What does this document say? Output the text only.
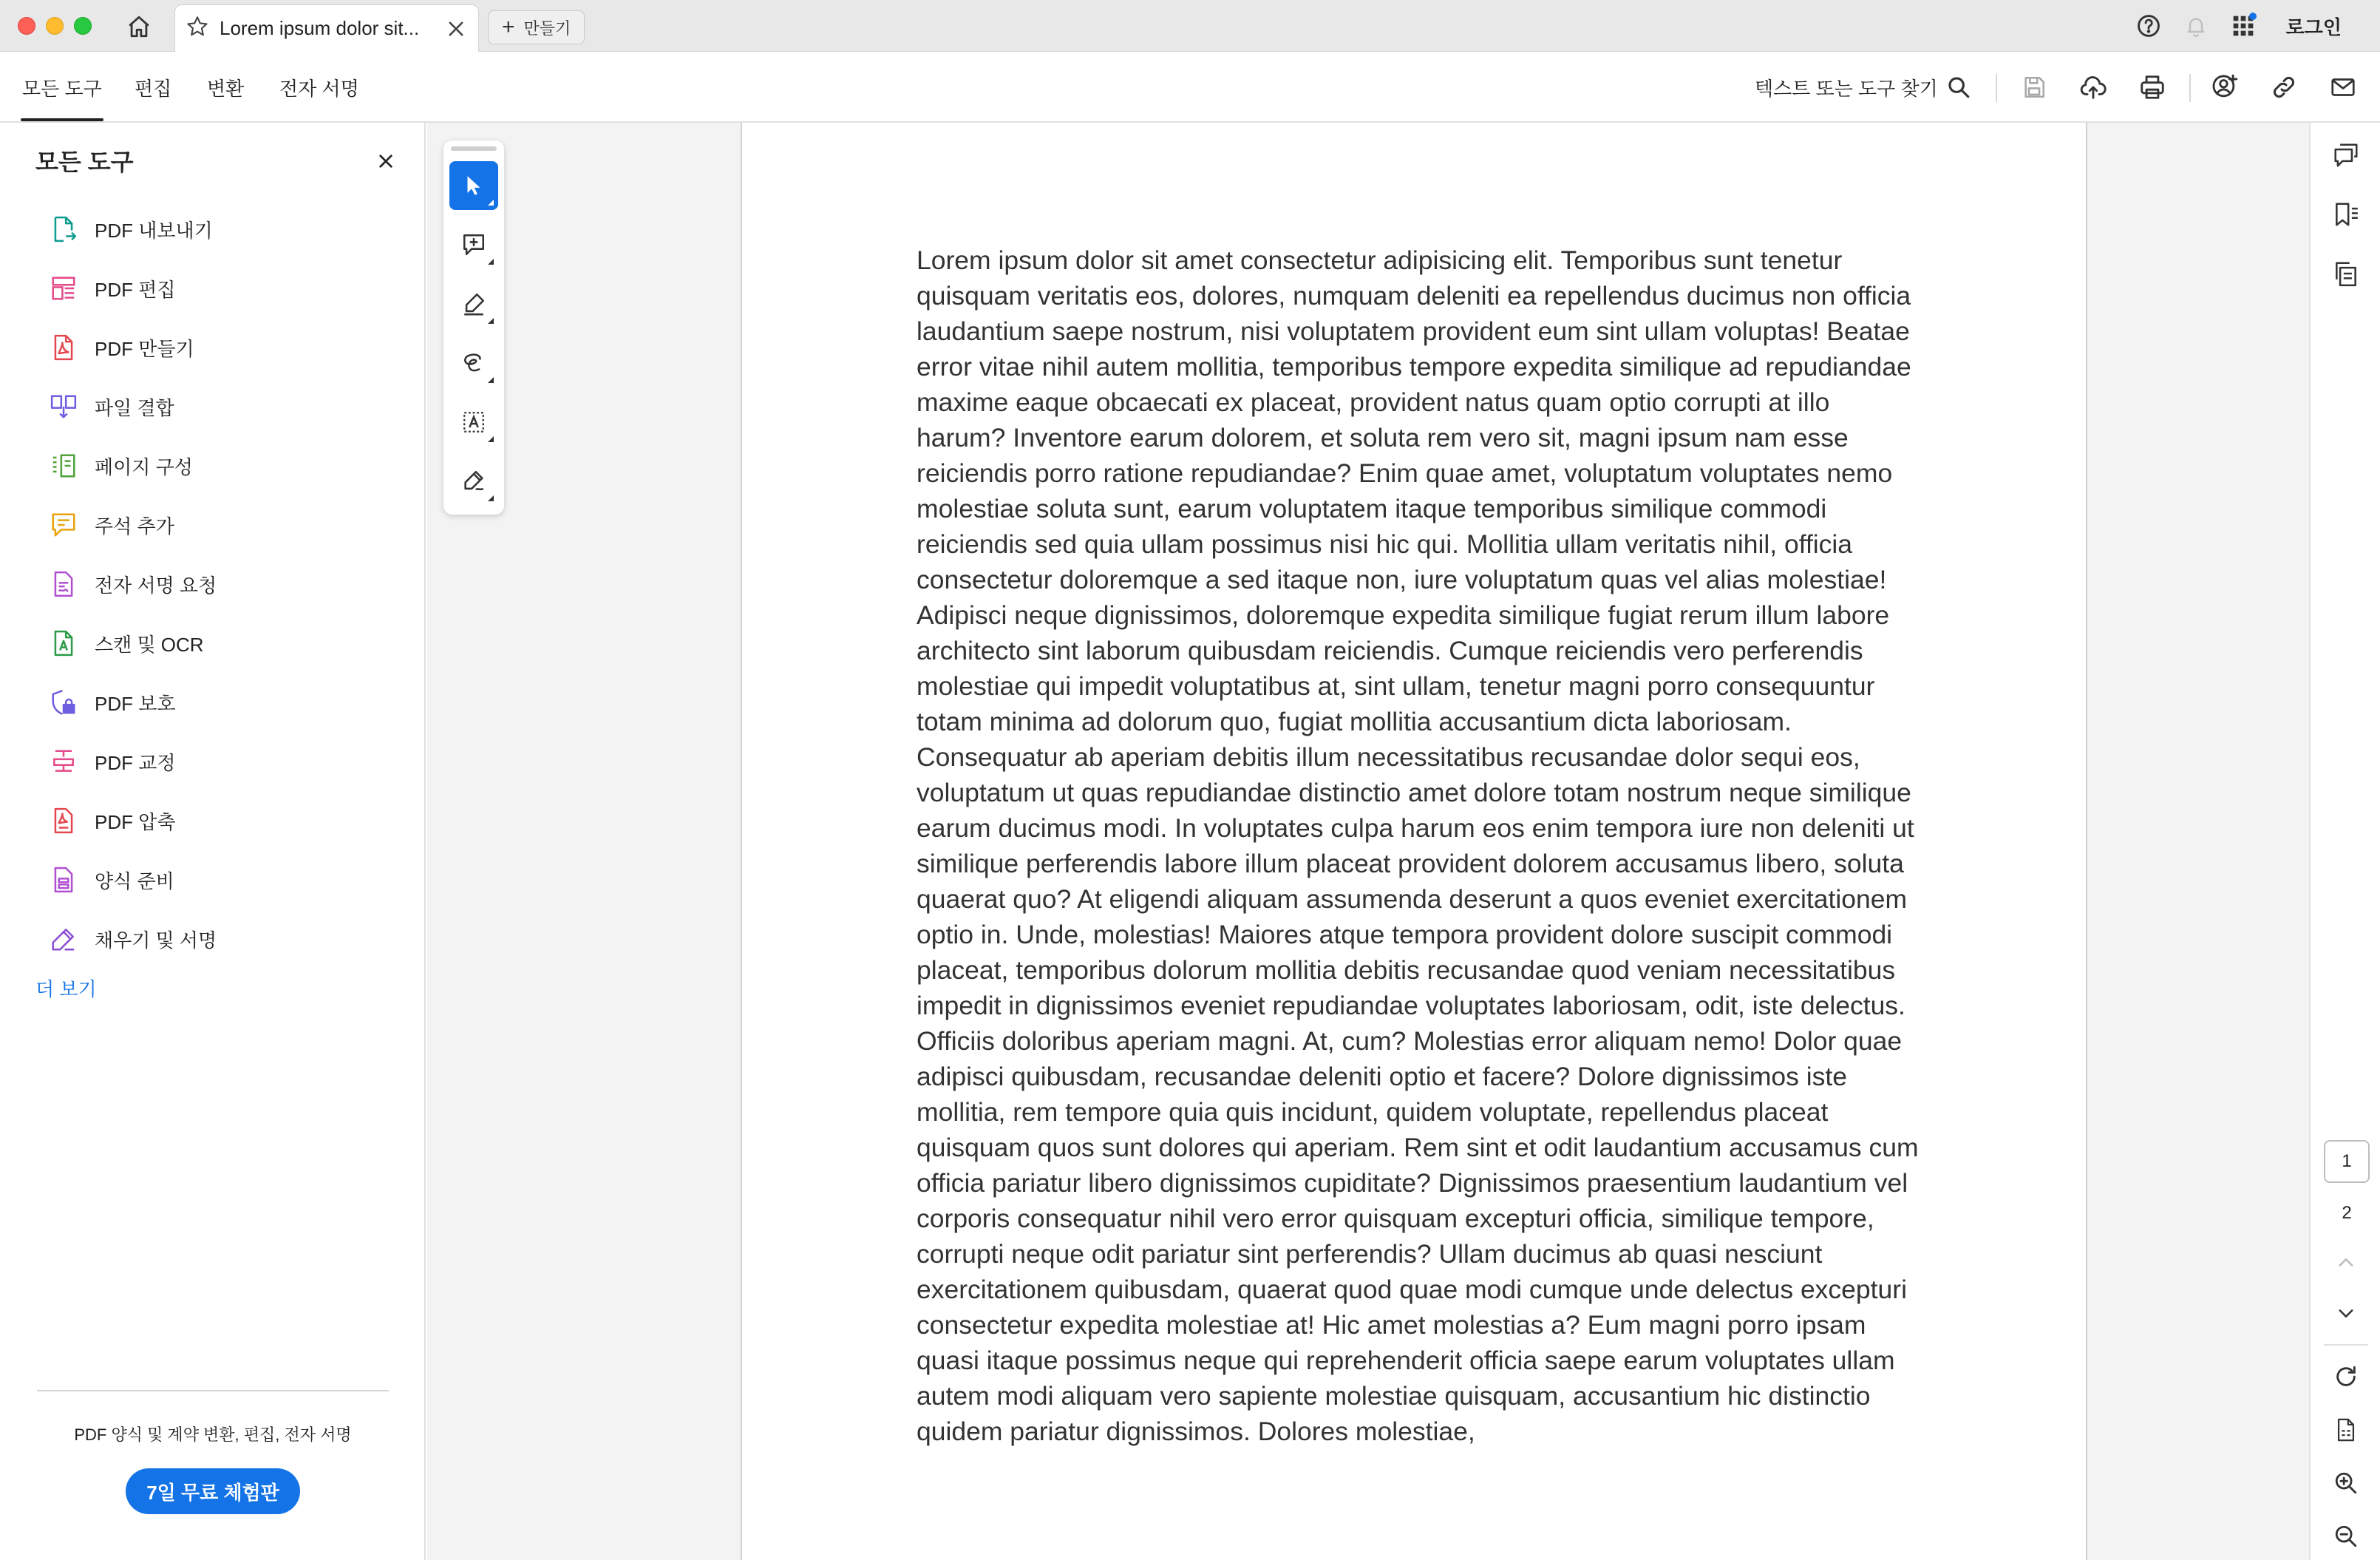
Lorem ipsum dolor sit...	+ 만들기	로그인
모든 도구 편집 변환 전자 서명	텍스트 또는 도구 찾기
모든 도구
PDF 내보내기
PDF 편집
PDF 만들기
파일 결합
페이지 구성
주석 추가
전자 서명 요청
스캔 및 OCR
PDF 보호
PDF 교정
PDF 압축
양식 준비
채우기 및 서명
더 보기
PDF 양식 및 계약 변환, 편집, 전자 서명
7일 무료 체험판
Lorem ipsum dolor sit amet consectetur adipisicing elit. Temporibus sunt tenetur quisquam veritatis eos, dolores, numquam deleniti ea repellendus ducimus non officia laudantium saepe nostrum, nisi voluptatem provident eum sint ullam voluptas! Beatae error vitae nihil autem mollitia, temporibus tempore expedita similique ad repudiandae maxime eaque obcaecati ex placeat, provident natus quam optio corrupti at illo harum? Inventore earum dolorem, et soluta rem vero sit, magni ipsum nam esse reiciendis porro ratione repudiandae? Enim quae amet, voluptatum voluptates nemo molestiae soluta sunt, earum voluptatem itaque temporibus similique commodi reiciendis sed quia ullam possimus nisi hic qui. Mollitia ullam veritatis nihil, officia consectetur doloremque a sed itaque non, iure voluptatum quas vel alias molestiae! Adipisci neque dignissimos, doloremque expedita similique fugiat rerum illum labore architecto sint laborum quibusdam reiciendis. Cumque reiciendis vero perferendis molestiae qui impedit voluptatibus at, sint ullam, tenetur magni porro consequuntur totam minima ad dolorum quo, fugiat mollitia accusantium dicta laboriosam. Consequatur ab aperiam debitis illum necessitatibus recusandae dolor sequi eos, voluptatum ut quas repudiandae distinctio amet dolore totam nostrum neque similique earum ducimus modi. In voluptates culpa harum eos enim tempora iure non deleniti ut similique perferendis labore illum placeat provident dolorem accusamus libero, soluta quaerat quo? At eligendi aliquam assumenda deserunt a quos eveniet exercitationem optio in. Unde, molestias! Maiores atque tempora provident dolore suscipit commodi placeat, temporibus dolorum mollitia debitis recusandae quod veniam necessitatibus impedit in dignissimos eveniet repudiandae voluptates laboriosam, odit, iste delectus. Officiis doloribus aperiam magni. At, cum? Molestias error aliquam nemo! Dolor quae adipisci quibusdam, recusandae deleniti optio et facere? Dolore dignissimos iste mollitia, rem tempore quia quis incidunt, quidem voluptate, repellendus placeat quisquam quos sunt dolores qui aperiam. Rem sint et odit laudantium accusamus cum officia pariatur libero dignissimos cupiditate? Dignissimos praesentium laudantium vel corporis consequatur nihil vero error quisquam excepturi officia, similique tempore, corrupti neque odit pariatur sint perferendis? Ullam ducimus ab quasi nesciunt exercitationem quibusdam, quaerat quod quae modi cumque unde delectus excepturi consectetur expedita molestiae at! Hic amet molestias a? Eum magni porro ipsam quasi itaque possimus neque qui reprehenderit officia saepe earum voluptates ullam autem modi aliquam vero sapiente molestiae quisquam, accusantium hic distinctio quidem pariatur dignissimos. Dolores molestiae,
1
2
